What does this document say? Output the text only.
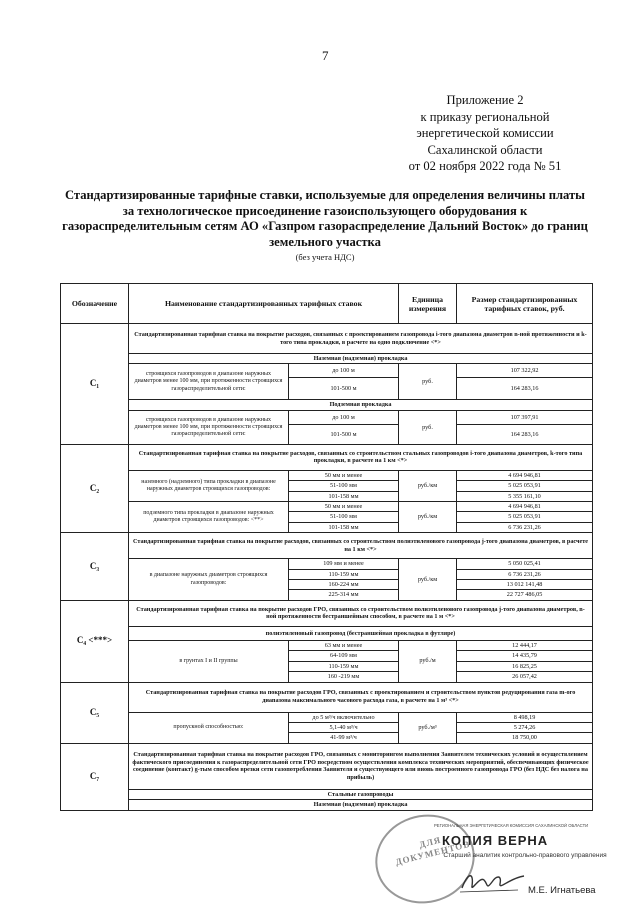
7
Приложение 2
к приказу региональной
энергетической комиссии
Сахалинской области
от 02 ноября 2022 года № 51
Стандартизированные тарифные ставки, используемые для определения величины платы за технологическое присоединение газоиспользующего оборудования к газораспределительным сетям АО «Газпром газораспределение Дальний Восток» до границ земельного участка
(без учета НДС)
Обозначение	Наименование стандартизированных тарифных ставок		Единица измерения	Размер стандартизированных тарифных ставок, руб.
C₁	Стандартизированная тарифная ставка на покрытие расходов, связанных с проектированием газопровода i-того диапазона диаметров n-ной протяженности и k-того типа прокладки, в расчете на одно подключение <*>			
	Наземная (надземная) прокладка			
	строящихся газопроводов в диапазоне наружных диаметров менее 100 мм, при протяженности строящихся газораспределительной сети:	до 100 м	руб.	107 322,92
		101-500 м		164 283,16
	Подземная прокладка			
	строящихся газопроводов в диапазоне наружных диаметров менее 100 мм, при протяженности строящихся газораспределительной сети:	до 100 м	руб.	107 397,91
		101-500 м		164 283,16
C₂	Стандартизированная тарифная ставка на покрытие расходов, связанных со строительством стальных газопроводов i-того диапазона диаметров, k-того типа прокладки, в расчете на 1 км <*>			
	наземного (надземного) типа прокладки в диапазоне наружных диаметров строящихся газопроводов:	50 мм и менее	руб./км	4 694 946,81
		51-100 мм		5 025 053,91
		101-158 мм		5 355 161,10
	подземного типа прокладки в диапазоне наружных диаметров строящихся газопроводов: <**>	50 мм и менее	руб./км	4 694 946,81
		51-100 мм		5 025 053,91
		101-158 мм		6 736 231,26
C₃	Стандартизированная тарифная ставка на покрытие расходов, связанных со строительством полиэтиленового газопровода j-того диапазона диаметров, в расчете на 1 км <*>			
	в диапазоне наружных диаметров строящихся газопроводов:	109 мм и менее	руб./км	5 050 025,41
		110-159 мм		6 736 231,26
		160-224 мм		13 012 141,48
		225-314 мм		22 727 486,05
C₄ <***>	Стандартизированная тарифная ставка на покрытие расходов ГРО, связанных со строительством полиэтиленового газопровода j-того диапазона диаметров, n-ной протяженности бестраншейным способом, в расчете на 1 м <*>			
	полиэтиленовый газопровод (бестраншейная прокладка в футляре)			
	в грунтах I и II группы	63 мм и менее	руб./м	12 444,17
		64-109 мм		14 435,79
		110-159 мм		16 825,25
		160 -219 мм		26 057,42
C₅	Стандартизированная тарифная ставка на покрытие расходов ГРО, связанных с проектированием и строительством пунктов редуцирования газа m-ого диапазона максимального часового расхода газа, в расчете на 1 м³ <*>			
	пропускной способностью:	до 5 м³/ч включительно	руб./м³	8 498,19
		5,1-40 м³/ч		5 274,26
		41-99 м³/ч		18 750,00
C₇	Стандартизированная тарифная ставка на покрытие расходов ГРО, связанных с мониторингом выполнения Заявителем технических условий и осуществлением фактического присоединения к газораспределительной сети ГРО посредством осуществления комплекса технических мероприятий, обеспечивающих физическое соединение (контакт) g-тым способом врезки сети газопотребления Заявителя и существующего или вновь построенного газопровода ГРО (без НДС без налога на прибыль)			
	Стальные газопроводы			
	Наземная (надземная) прокладка			
ДЛЯ ДОКУМЕНТОВ
РЕГИОНАЛЬНАЯ ЭНЕРГЕТИЧЕСКАЯ КОМИССИЯ САХАЛИНСКОЙ ОБЛАСТИ
КОПИЯ ВЕРНА
Старший аналитик контрольно-правового управления
М.Е. Игнатьева
